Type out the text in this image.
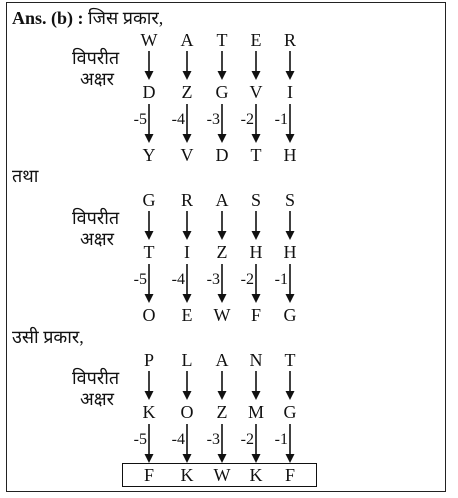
Ans. (b) : जिस प्रकार,
तथा
उसी प्रकार,
विपरीत
अक्षर
W
D
-5
Y
A
Z
-4
V
T
G
-3
D
E
V
-2
T
R
I
-1
H
विपरीत
अक्षर
G
T
-5
O
R
I
-4
E
A
Z
-3
W
S
H
-2
F
S
H
-1
G
विपरीत
अक्षर
P
K
-5
F
L
O
-4
K
A
Z
-3
W
N
M
-2
K
T
G
-1
F
